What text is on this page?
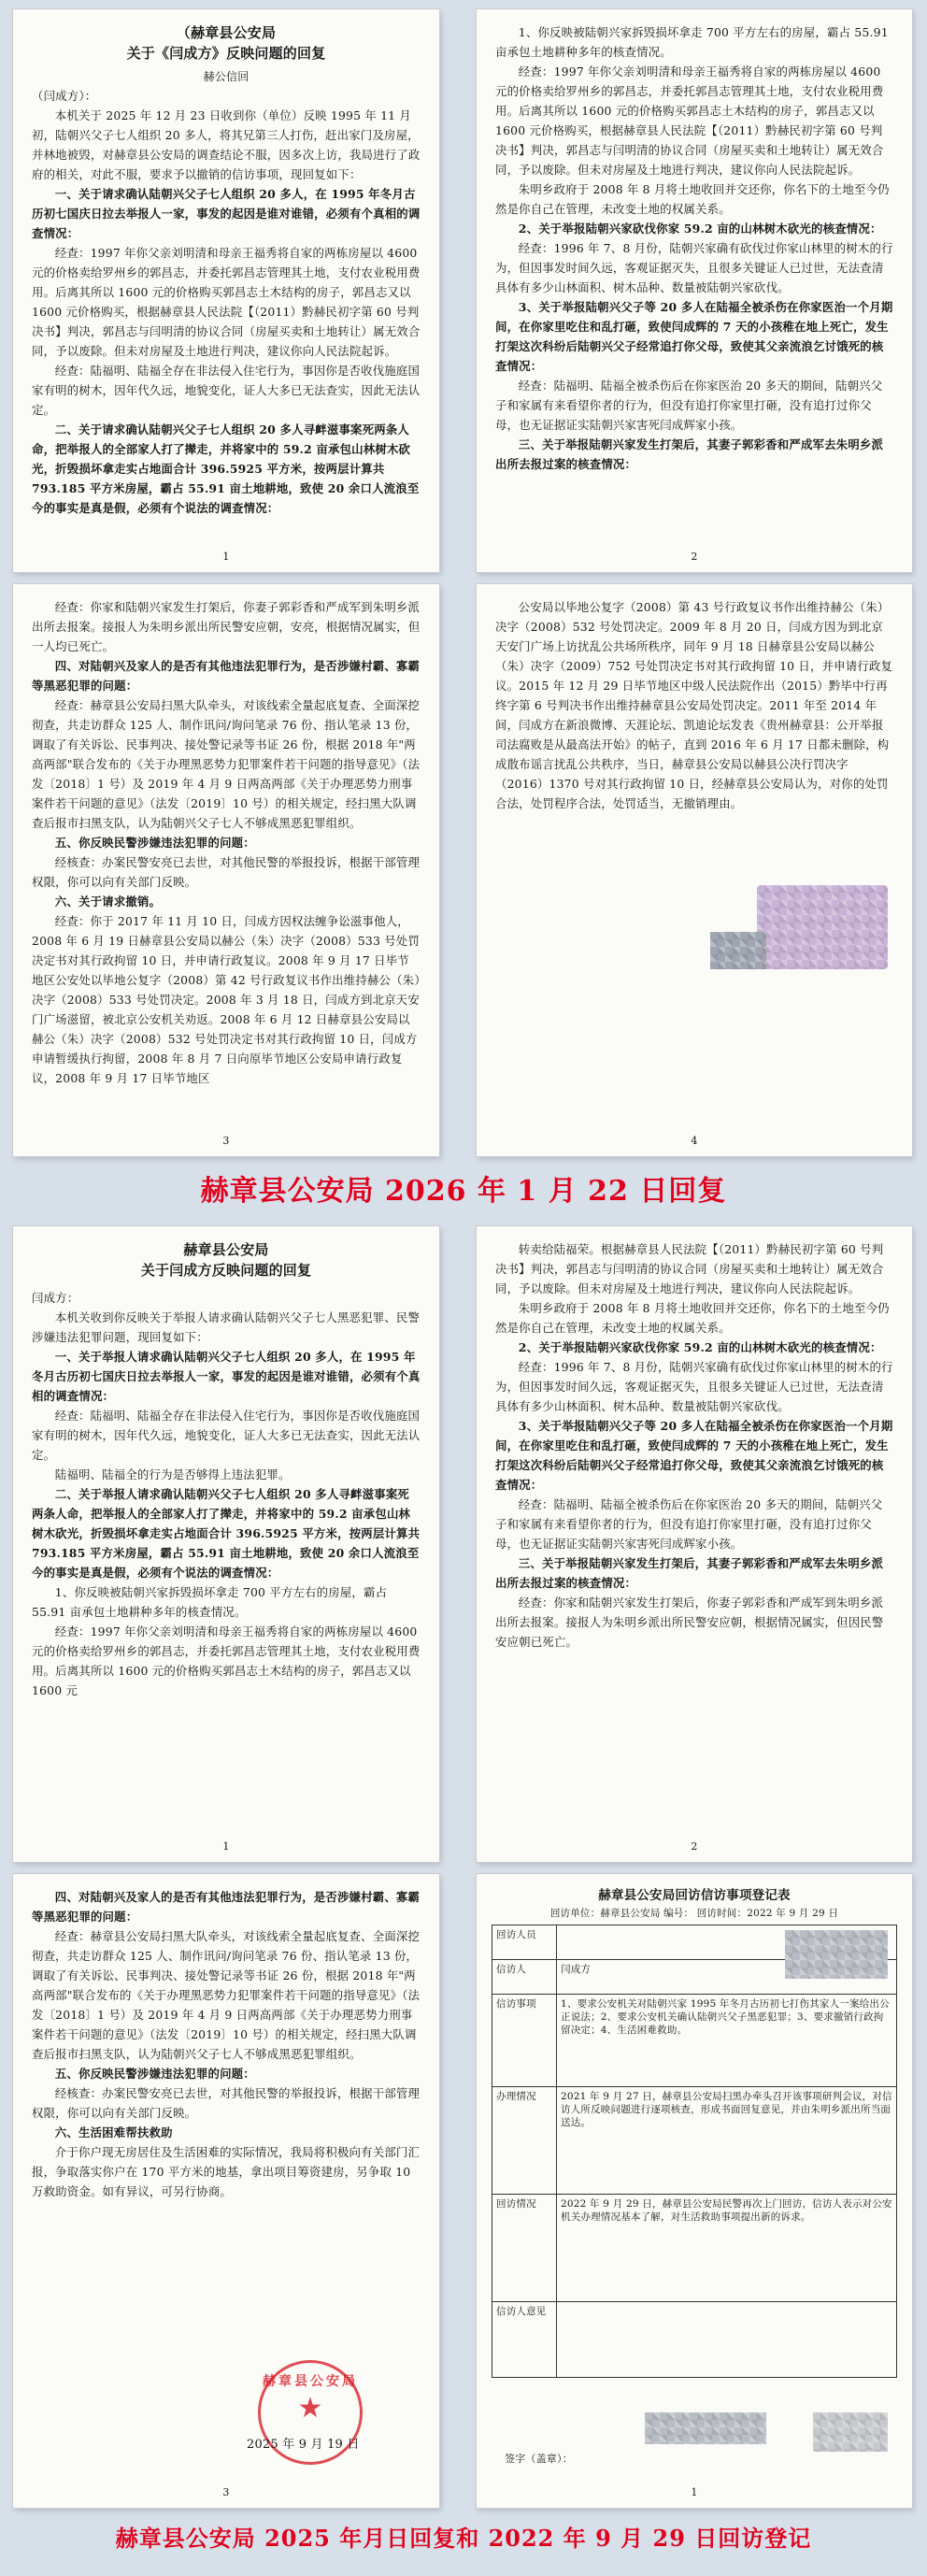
（赫章县公安局
关于《闫成方》反映问题的回复
赫公信回

（闫成方）：

本机关于 2025 年 12 月 23 日收到你（单位）反映 1995 年 11 月初，陆朝兴父子七人组织 20 多人，将其兄第三人打伤，赶出家门及房屋，并林地被毁，对赫章县公安局的调查结论不服，因多次上访，我局进行了政府的相关，对此不服，要求予以撤销的信访事项，现回复如下：

一、关于请求确认陆朝兴父子七人组织 20 多人，在 1995 年冬月古历初七国庆日拉去举报人一家，事发的起因是谁对谁错，必须有个真相的调查情况：

经查：1997 年你父亲刘明清和母亲王福秀将自家的两栋房屋以 4600 元的价格卖给罗州乡的郭昌志，并委托郭昌志管理其土地，支付农业税用费用。后离其所以 1600 元的价格购买郭昌志土木结构的房子，郭昌志又以 1600 元价格购买，根据赫章县人民法院【（2011）黔赫民初字第 60 号判决书】判决，郭昌志与闫明清的协议合同（房屋买卖和土地转让）属无效合同，予以废除。但未对房屋及土地进行判决，建议你向人民法院起诉。

经查：陆福明、陆福全存在非法侵入住宅行为，事因你是否收伐施庭国家有明的树木，因年代久远，地貌变化，证人大多已无法查实，因此无法认定。

二、关于请求确认陆朝兴父子七人组织 20 多人寻衅滋事案死两条人命，把举报人的全部家人打了撵走，并将家中的 59.2 亩承包山林树木砍光，折毁损坏拿走实占地面合计 396.5925 平方米，按两层计算共 793.185 平方米房屋，霸占 55.91 亩土地耕地，致使 20 余口人流浪至今的事实是真是假，必须有个说法的调查情况：

1

1、你反映被陆朝兴家拆毁损坏拿走 700 平方左右的房屋，霸占 55.91 亩承包土地耕种多年的核查情况。

经查：1997 年你父亲刘明清和母亲王福秀将自家的两栋房屋以 4600 元的价格卖给罗州乡的郭昌志，并委托郭昌志管理其土地，支付农业税用费用。后离其所以 1600 元的价格购买郭昌志土木结构的房子，郭昌志又以 1600 元价格购买，根据赫章县人民法院【（2011）黔赫民初字第 60 号判决书】判决，郭昌志与闫明清的协议合同（房屋买卖和土地转让）属无效合同，予以废除。但未对房屋及土地进行判决，建议你向人民法院起诉。

朱明乡政府于 2008 年 8 月将土地收回并交还你，你名下的土地至今仍然是你自己在管理，未改变土地的权属关系。

2、关于举报陆朝兴家砍伐你家 59.2 亩的山林树木砍光的核查情况：

经查：1996 年 7、8 月份，陆朝兴家确有砍伐过你家山林里的树木的行为，但因事发时间久远，客观证据灭失，且很多关键证人已过世，无法查清具体有多少山林面积、树木品种、数量被陆朝兴家砍伐。

3、关于举报陆朝兴父子等 20 多人在陆福全被杀伤在你家医治一个月期间，在你家里吃住和乱打砸，致使闫成辉的 7 天的小孩稚在地上死亡，发生打架这次科纷后陆朝兴父子经常追打你父母，致使其父亲流浪乞讨饿死的核查情况：

经查：陆福明、陆福全被杀伤后在你家医治 20 多天的期间，陆朝兴父子和家属有来看望你者的行为，但没有追打你家里打砸，没有追打过你父母，也无证据证实陆朝兴家害死闫成辉家小孩。

三、关于举报陆朝兴家发生打架后，其妻子郭彩香和严成军去朱明乡派出所去报过案的核查情况：

2

经查：你家和陆朝兴家发生打架后，你妻子郭彩香和严成军到朱明乡派出所去报案。接报人为朱明乡派出所民警安应朝，安亮，根据情况属实，但一人均已死亡。

四、对陆朝兴及家人的是否有其他违法犯罪行为，是否涉嫌村霸、寡霸等黑恶犯罪的问题：

经查：赫章县公安局扫黑大队牵头，对该线索全量起底复查、全面深挖彻查，共走访群众 125 人、制作讯问/询问笔录 76 份、指认笔录 13 份，调取了有关诉讼、民事判决、接处警记录等书证 26 份，根据 2018 年"两高两部"联合发布的《关于办理黑恶势力犯罪案件若干问题的指导意见》（法发〔2018〕1 号）及 2019 年 4 月 9 日两高两部《关于办理恶势力刑事案件若干问题的意见》（法发〔2019〕10 号）的相关规定，经扫黑大队调查后报市扫黑支队，认为陆朝兴父子七人不够成黑恶犯罪组织。

五、你反映民警涉嫌违法犯罪的问题：

经核查：办案民警安亮已去世，对其他民警的举报投诉，根据干部管理权限，你可以向有关部门反映。

六、关于请求撤销。

经查：你于 2017 年 11 月 10 日，闫成方因权法缠争讼滋事他人，2008 年 6 月 19 日赫章县公安局以赫公（朱）决字（2008）533 号处罚决定书对其行政拘留 10 日，并申请行政复议。2008 年 9 月 17 日毕节地区公安处以毕地公复字（2008）第 42 号行政复议书作出维持赫公（朱）决字（2008）533 号处罚决定。2008 年 3 月 18 日，闫成方到北京天安门广场滋留，被北京公安机关劝返。2008 年 6 月 12 日赫章县公安局以赫公（朱）决字（2008）532 号处罚决定书对其行政拘留 10 日，闫成方申请暂缓执行拘留，2008 年 8 月 7 日向原毕节地区公安局申请行政复议，2008 年 9 月 17 日毕节地区

3

公安局以毕地公复字（2008）第 43 号行政复议书作出维持赫公（朱）决字（2008）532 号处罚决定。2009 年 8 月 20 日，闫成方因为到北京天安门广场上访扰乱公共场所秩序，同年 9 月 18 日赫章县公安局以赫公（朱）决字（2009）752 号处罚决定书对其行政拘留 10 日，并申请行政复议。2015 年 12 月 29 日毕节地区中级人民法院作出（2015）黔毕中行再终字第 6 号判决书作出维持赫章县公安局处罚决定。2011 年至 2014 年间，闫成方在新浪微博、天涯论坛、凯迪论坛发表《贵州赫章县：公开举报司法腐败是从最高法开始》的帖子，直到 2016 年 6 月 17 日都未删除，构成散布谣言扰乱公共秩序，当日，赫章县公安局以赫县公决行罚决字（2016）1370 号对其行政拘留 10 日，经赫章县公安局认为，对你的处罚合法，处罚程序合法，处罚适当，无撤销理由。

4
赫章县公安局 2026 年 1 月 22 日回复
赫章县公安局
关于闫成方反映问题的回复

闫成方：

本机关收到你反映关于举报人请求确认陆朝兴父子七人黑恶犯罪、民警涉嫌违法犯罪问题，现回复如下：

一、关于举报人请求确认陆朝兴父子七人组织 20 多人，在 1995 年冬月古历初七国庆日拉去举报人一家，事发的起因是谁对谁错，必须有个真相的调查情况：

经查：陆福明、陆福全存在非法侵入住宅行为，事因你是否收伐施庭国家有明的树木，因年代久远，地貌变化，证人大多已无法查实，因此无法认定。

陆福明、陆福全的行为是否够得上违法犯罪。

二、关于举报人请求确认陆朝兴父子七人组织 20 多人寻衅滋事案死两条人命，把举报人的全部家人打了撵走，并将家中的 59.2 亩承包山林树木砍光，折毁损坏拿走实占地面合计 396.5925 平方米，按两层计算共 793.185 平方米房屋，霸占 55.91 亩土地耕地，致使 20 余口人流浪至今的事实是真是假，必须有个说法的调查情况：

1、你反映被陆朝兴家拆毁损坏拿走 700 平方左右的房屋，霸占 55.91 亩承包土地耕种多年的核查情况。

经查：1997 年你父亲刘明清和母亲王福秀将自家的两栋房屋以 4600 元的价格卖给罗州乡的郭昌志，并委托郭昌志管理其土地，支付农业税用费用。后离其所以 1600 元的价格购买郭昌志土木结构的房子，郭昌志又以 1600 元

1

转卖给陆福荣。根据赫章县人民法院【（2011）黔赫民初字第 60 号判决书】判决，郭昌志与闫明清的协议合同（房屋买卖和土地转让）属无效合同，予以废除。但未对房屋及土地进行判决，建议你向人民法院起诉。

朱明乡政府于 2008 年 8 月将土地收回并交还你，你名下的土地至今仍然是你自己在管理，未改变土地的权属关系。

2、关于举报陆朝兴家砍伐你家 59.2 亩的山林树木砍光的核查情况：

经查：1996 年 7、8 月份，陆朝兴家确有砍伐过你家山林里的树木的行为，但因事发时间久远，客观证据灭失，且很多关键证人已过世，无法查清具体有多少山林面积、树木品种、数量被陆朝兴家砍伐。

3、关于举报陆朝兴父子等 20 多人在陆福全被杀伤在你家医治一个月期间，在你家里吃住和乱打砸，致使闫成辉的 7 天的小孩稚在地上死亡，发生打架这次科纷后陆朝兴父子经常追打你父母，致使其父亲流浪乞讨饿死的核查情况：

经查：陆福明、陆福全被杀伤后在你家医治 20 多天的期间，陆朝兴父子和家属有来看望你者的行为，但没有追打你家里打砸，没有追打过你父母，也无证据证实陆朝兴家害死闫成辉家小孩。

三、关于举报陆朝兴家发生打架后，其妻子郭彩香和严成军去朱明乡派出所去报过案的核查情况：

经查：你家和陆朝兴家发生打架后，你妻子郭彩香和严成军到朱明乡派出所去报案。接报人为朱明乡派出所民警安应朝，根据情况属实，但因民警安应朝已死亡。

2

四、对陆朝兴及家人的是否有其他违法犯罪行为，是否涉嫌村霸、寡霸等黑恶犯罪的问题：

经查：赫章县公安局扫黑大队牵头，对该线索全量起底复查、全面深挖彻查，共走访群众 125 人、制作讯问/询问笔录 76 份、指认笔录 13 份，调取了有关诉讼、民事判决、接处警记录等书证 26 份，根据 2018 年"两高两部"联合发布的《关于办理黑恶势力犯罪案件若干问题的指导意见》（法发〔2018〕1 号）及 2019 年 4 月 9 日两高两部《关于办理恶势力刑事案件若干问题的意见》（法发〔2019〕10 号）的相关规定，经扫黑大队调查后报市扫黑支队，认为陆朝兴父子七人不够成黑恶犯罪组织。

五、你反映民警涉嫌违法犯罪的问题：

经核查：办案民警安亮已去世，对其他民警的举报投诉，根据干部管理权限，你可以向有关部门反映。

六、生活困难帮扶救助

介于你户现无房居住及生活困难的实际情况，我局将积极向有关部门汇报，争取落实你户在 170 平方米的地基，拿出项目筹资建房，另争取 10 万救助资金。如有异议，可另行协商。

赫章县公安局
★
2025 年 9 月 19 日
3
赫章县公安局回访信访事项登记表
回访单位：赫章县公安局 编号： 回访时间：2022 年 9 月 29 日
回访人员	
信访人	闫成方
信访事项	1、要求公安机关对陆朝兴家 1995 年冬月古历初七打伤其家人一案给出公正说法；2、要求公安机关确认陆朝兴父子黑恶犯罪；3、要求撤销行政拘留决定；4、生活困难救助。
办理情况	2021 年 9 月 27 日，赫章县公安局扫黑办牵头召开该事项研判会议，对信访人所反映问题进行逐项核查，形成书面回复意见，并由朱明乡派出所当面送达。
回访情况	2022 年 9 月 29 日，赫章县公安局民警再次上门回访，信访人表示对公安机关办理情况基本了解，对生活救助事项提出新的诉求。
信访人意见	
签字（盖章）：
1
赫章县公安局 2025 年月日回复和 2022 年 9 月 29 日回访登记
